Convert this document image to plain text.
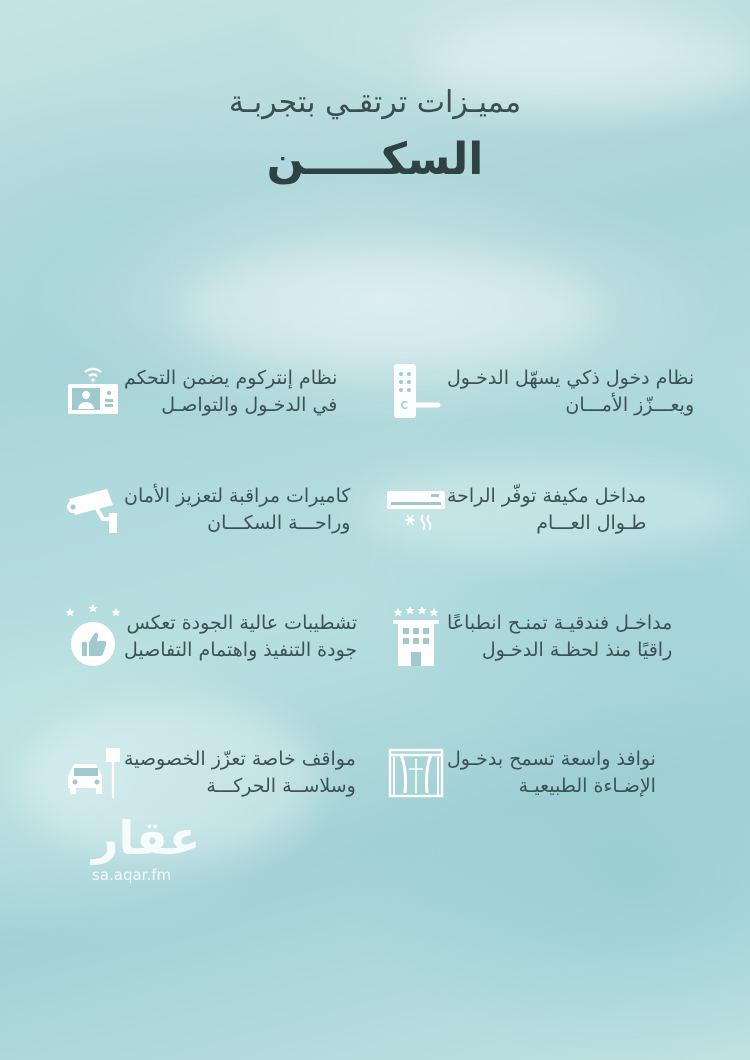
مميـزات ترتقـي بتجربـة
السكـــــن
نظام دخول ذكي يسهّل الدخـول
ويعـــزّز الأمـــان
نظام إنتركوم يضمن التحكم
في الدخـول والتواصـل
مداخل مكيفة توفّر الراحة
طـوال العـــام
كاميرات مراقبة لتعزيز الأمان
وراحـــة السكـــان
مداخـل فندقيـة تمنـح انطباعًا
راقيًا منذ لحظـة الدخـول
تشطيبات عالية الجودة تعكس
جودة التنفيذ واهتمام التفاصيل
نوافذ واسعة تسمح بدخـول
الإضـاءة الطبيعيـة
P مواقف خاصة تعزّز الخصوصية
وسلاســة الحركـــة
عقار
sa.aqar.fm
